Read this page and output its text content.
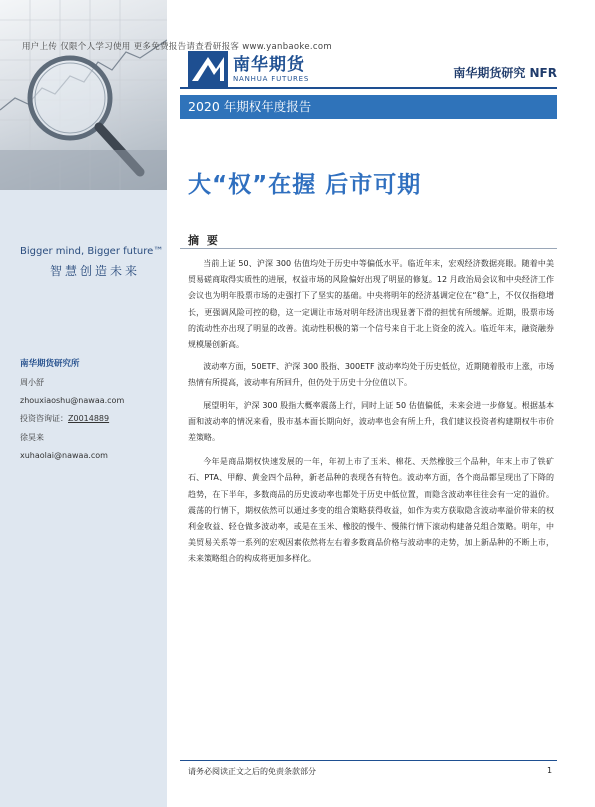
Bigger mind, Bigger future™
智慧创造未来
南华期货研究所
周小舒
zhouxiaoshu@nawaa.com
投资咨询证：Z0014889
徐昊来
xuhaolai@nawaa.com
用户上传 仅限个人学习使用 更多免费报告请查看研报客 www.yanbaoke.com
南华期货
NANHUA FUTURES	南华期货研究 NFR
2020 年期权年度报告
大“权”在握 后市可期
摘 要

当前上证 50、沪深 300 估值均处于历史中等偏低水平。临近年末，宏观经济数据亮眼。随着中美贸易磋商取得实质性的进展，权益市场的风险偏好出现了明显的修复。12 月政治局会议和中央经济工作会议也为明年股票市场的走强打下了坚实的基础。中央将明年的经济基调定位在“稳”上，不仅仅指稳增长，更强调风险可控的稳，这一定调让市场对明年经济出现显著下滑的担忧有所缓解。近期，股票市场的流动性亦出现了明显的改善。流动性积极的第一个信号来自于北上资金的流入。临近年末，融资融券规模屡创新高。

波动率方面，50ETF、沪深 300 股指、300ETF 波动率均处于历史低位，近期随着股市上涨，市场热情有所提高，波动率有所回升，但仍处于历史十分位值以下。

展望明年，沪深 300 股指大概率震荡上行，同时上证 50 估值偏低，未来会进一步修复。根据基本面和波动率的情况来看，股市基本面长期向好，波动率也会有所上升，我们建议投资者构建期权牛市价差策略。

今年是商品期权快速发展的一年，年初上市了玉米、棉花、天然橡胶三个品种，年末上市了铁矿石、PTA、甲醇、黄金四个品种，新老品种的表现各有特色。波动率方面，各个商品都呈现出了下降的趋势，在下半年，多数商品的历史波动率也都处于历史中低位置，而隐含波动率往往会有一定的溢价。震荡的行情下，期权依然可以通过多变的组合策略获得收益，如作为卖方获取隐含波动率溢价带来的权利金收益、轻仓做多波动率，或是在玉米、橡胶的慢牛、慢熊行情下滚动构建备兑组合策略。明年，中美贸易关系等一系列的宏观因素依然将左右着多数商品价格与波动率的走势，加上新品种的不断上市，未来策略组合的构成将更加多样化。

请务必阅读正文之后的免责条款部分	1
